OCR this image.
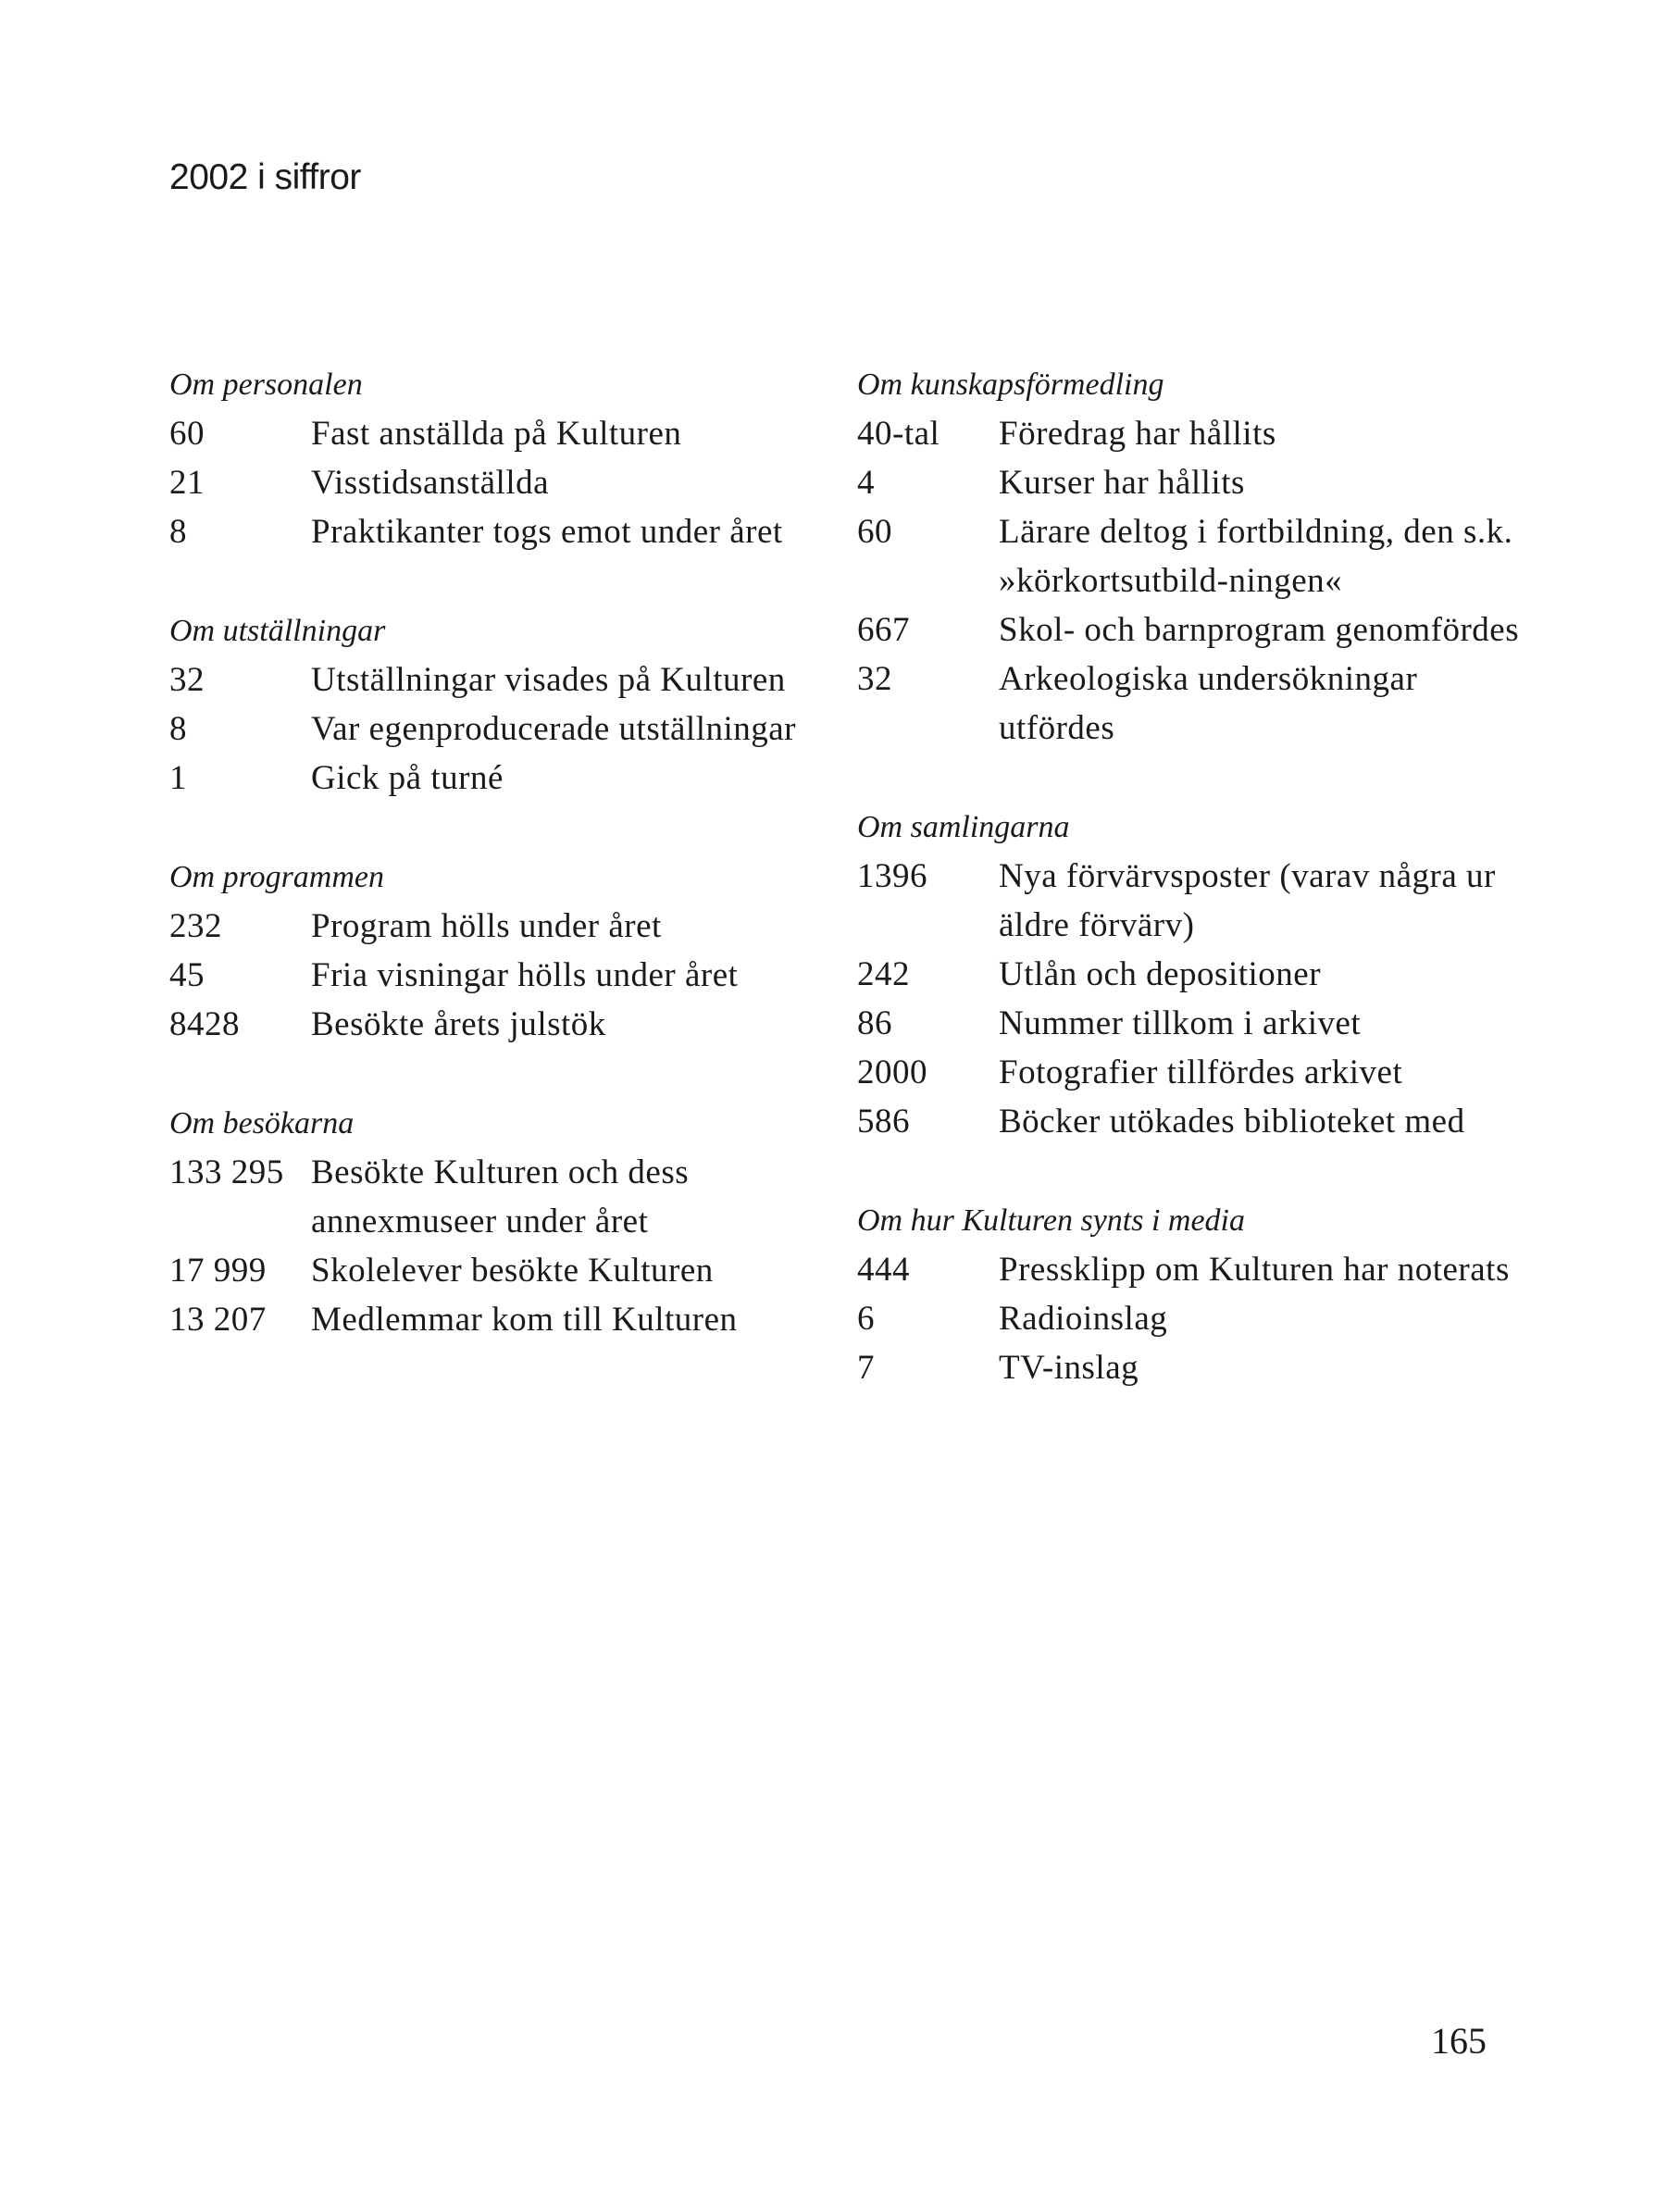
2002 i siffror
Om personalen
60	Fast anställda på Kulturen
21	Visstidsanställda
8	Praktikanter togs emot under året
Om utställningar
32	Utställningar visades på Kulturen
8	Var egenproducerade utställningar
1	Gick på turné
Om programmen
232	Program hölls under året
45	Fria visningar hölls under året
8428	Besökte årets julstök
Om besökarna
133 295 Besökte Kulturen och dess annexmuseer under året
17 999	Skolelever besökte Kulturen
13 207	Medlemmar kom till Kulturen
Om kunskapsförmedling
40-tal	Föredrag har hållits
4	Kurser har hållits
60	Lärare deltog i fortbildning, den s.k. »körkortsutbild-ningen«
667	Skol- och barnprogram genomfördes
32	Arkeologiska undersökningar utfördes
Om samlingarna
1396	Nya förvärvsposter (varav några ur äldre förvärv)
242	Utlån och depositioner
86	Nummer tillkom i arkivet
2000	Fotografier tillfördes arkivet
586	Böcker utökades biblioteket med
Om hur Kulturen synts i media
444	Pressklipp om Kulturen har noterats
6	Radioinslag
7	TV-inslag
165
